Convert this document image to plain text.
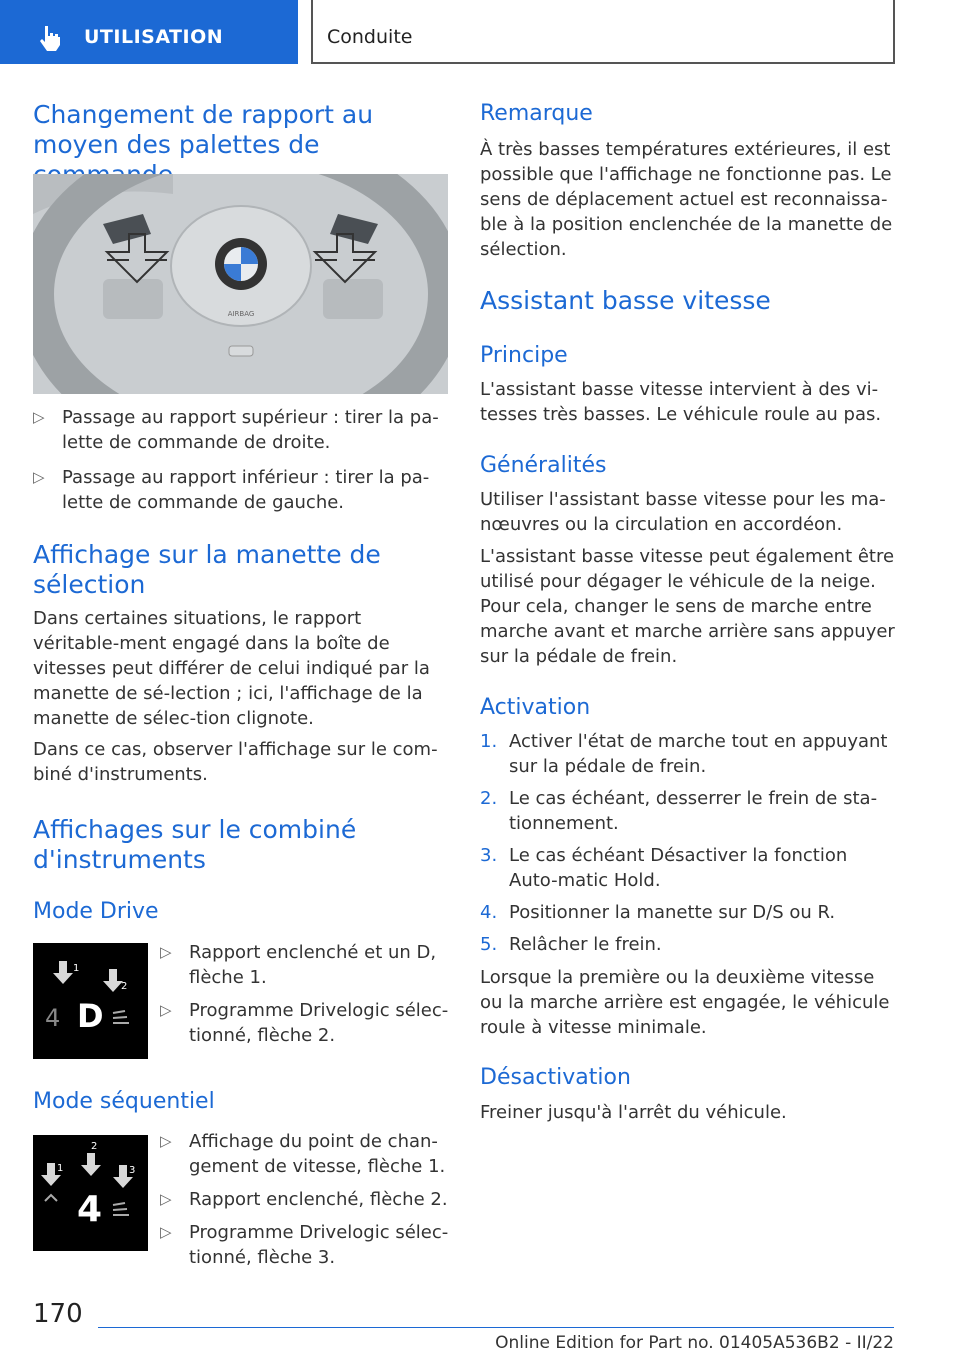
UTILISATION	Conduite
Changement de rapport au moyen des palettes de
AIRBAG
▷ Passage au rapport supérieur : tirer la pa-lette de commande de droite.
▷ Passage au rapport inférieur : tirer la pa-lette de commande de gauche.
Affichage sur la manette de sélection

Dans certaines situations, le rapport véritable-ment engagé dans la boîte de vitesses peut différer de celui indiqué par la manette de sé-lection ; ici, l'affichage de la manette de sélec-tion clignote.

Dans ce cas, observer l'affichage sur le com-biné d'instruments.

Affichages sur le combiné d'instruments
Mode Drive
1
2
4 D
▷ Rapport enclenché et un D, flèche 1.
▷ Programme Drivelogic sélec-tionné, flèche 2.
Mode séquentiel
1
2
3
4
▷ Affichage du point de chan-gement de vitesse, flèche 1.
▷ Rapport enclenché, flèche 2.
▷ Programme Drivelogic sélec-tionné, flèche 3.
Remarque

À très basses températures extérieures, il est possible que l'affichage ne fonctionne pas. Le sens de déplacement actuel est reconnaissa-ble à la position enclenchée de la manette de sélection.

Assistant basse vitesse
Principe

L'assistant basse vitesse intervient à des vi-tesses très basses. Le véhicule roule au pas.

Généralités

Utiliser l'assistant basse vitesse pour les ma-nœuvres ou la circulation en accordéon.

L'assistant basse vitesse peut également être utilisé pour dégager le véhicule de la neige. Pour cela, changer le sens de marche entre marche avant et marche arrière sans appuyer sur la pédale de frein.

Activation
1. Activer l'état de marche tout en appuyant sur la pédale de frein.
2. Le cas échéant, desserrer le frein de sta-tionnement.
3. Le cas échéant Désactiver la fonction Auto-matic Hold.
4. Positionner la manette sur D/S ou R.
5. Relâcher le frein.

Lorsque la première ou la deuxième vitesse ou la marche arrière est engagée, le véhicule roule à vitesse minimale.

Désactivation

Freiner jusqu'à l'arrêt du véhicule.

170
Online Edition for Part no. 01405A536B2 - II/22
